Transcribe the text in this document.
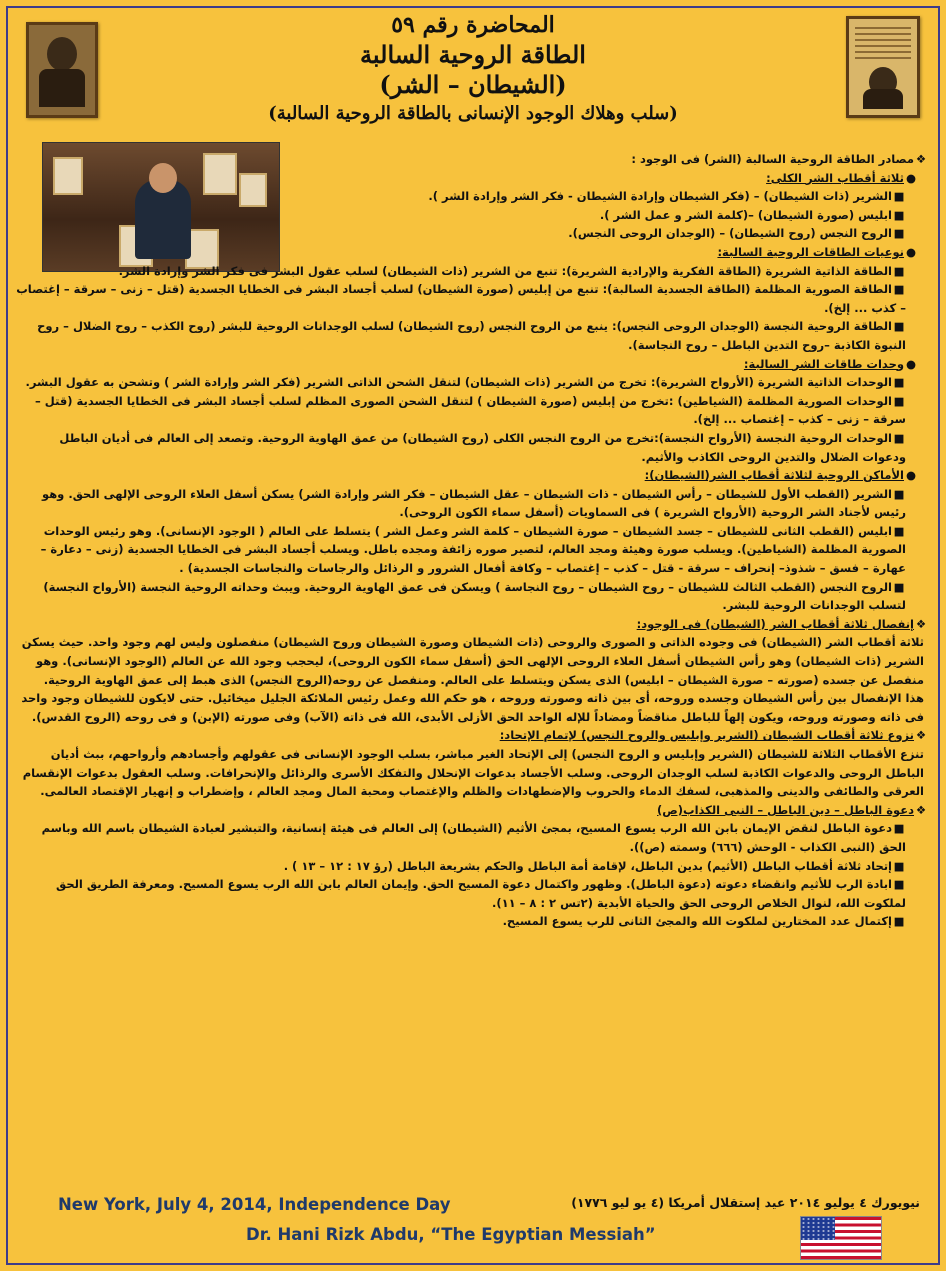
المحاضرة رقم ٥٩
الطاقة الروحية السالبة
(الشيطان – الشر)
(سلب وهلاك الوجود الإنسانى بالطاقة الروحية السالبة)

❖مصادر الطاقة الروحية السالبة (الشر) فى الوجود :

●ثلاثة أقطاب الشر الكلى:

■الشرير (ذات الشيطان) – (فكر الشيطان وإرادة الشيطان - فكر الشر وإرادة الشر ).

■ابليس (صورة الشيطان) –(كلمة الشر و عمل الشر ).

■الروح النجس (روح الشيطان) – (الوجدان الروحى النجس).

●نوعيات الطاقات الروحية السالبة:

■الطاقة الذاتية الشريرة (الطاقة الفكرية والإرادية الشريرة): تنبع من الشرير (ذات الشيطان) لسلب عقول البشر فى فكر الشر وإرادة الشر.

■الطاقة الصورية المظلمة (الطاقة الجسدية السالبة): تنبع من إبليس (صورة الشيطان) لسلب أجساد البشر فى الخطايا الجسدية (قتل – زنى – سرقة – إغتصاب – كذب ... إلخ).

■الطاقة الروحية النجسة (الوجدان الروحى النجس): ينبع من الروح النجس (روح الشيطان) لسلب الوجدانات الروحية للبشر (روح الكذب – روح الضلال – روح النبوة الكاذبة –روح التدين الباطل – روح النجاسة).

●وحدات طاقات الشر السالبة:

■الوحدات الذاتية الشريرة (الأرواح الشريرة): تخرج من الشرير (ذات الشيطان) لتنقل الشحن الذاتى الشرير (فكر الشر وإرادة الشر ) وتشحن به عقول البشر.

■الوحدات الصورية المظلمة (الشياطين) :تخرج من إبليس (صورة الشيطان ) لتنقل الشحن الصورى المظلم لسلب أجساد البشر فى الخطايا الجسدية (قتل – سرقة – زنى – كذب – إغتصاب ... إلخ).

■الوحدات الروحية النجسة (الأرواح النجسة):تخرج من الروح النجس الكلى (روح الشيطان) من عمق الهاوية الروحية. وتصعد إلى العالم فى أديان الباطل ودعوات الضلال والتدين الروحى الكاذب والأثيم.

●الأماكن الروحية لثلاثة أقطاب الشر(الشيطان):

■الشرير (القطب الأول للشيطان – رأس الشيطان - ذات الشيطان – عقل الشيطان – فكر الشر وإرادة الشر) يسكن أسفل العلاء الروحى الإلهى الحق. وهو رئيس لأجناد الشر الروحية (الأرواح الشريرة ) فى السماويات (أسفل سماء الكون الروحى).

■ابليس (القطب الثانى للشيطان – جسد الشيطان – صورة الشيطان – كلمة الشر وعمل الشر ) يتسلط على العالم ( الوجود الإنسانى). وهو رئيس الوحدات الصورية المظلمة (الشياطين). ويسلب صورة وهيئة ومجد العالم، لتصير صوره زائفة ومجده باطل. ويسلب أجساد البشر فى الخطايا الجسدية (زنى – دعارة – عهارة – فسق – شذوذ– إنحراف – سرقة - قتل – كذب – إغتصاب – وكافة أفعال الشرور و الرذائل والرجاسات والنجاسات الجسدية) .

■الروح النجس (القطب الثالث للشيطان – روح الشيطان – روح النجاسة ) ويسكن فى عمق الهاوية الروحية. ويبث وحداته الروحية النجسة (الأرواح النجسة) لتسلب الوجدانات الروحية للبشر.

❖إنفصال ثلاثة أقطاب الشر (الشيطان) فى الوجود:

ثلاثة أقطاب الشر (الشيطان) فى وجوده الذاتى و الصورى والروحى (ذات الشيطان وصورة الشيطان وروح الشيطان) منفصلون وليس لهم وجود واحد. حيث يسكن الشرير (ذات الشيطان) وهو رأس الشيطان أسفل العلاء الروحى الإلهى الحق (أسفل سماء الكون الروحى)، ليحجب وجود الله عن العالم (الوجود الإنسانى). وهو منفصل عن جسده (صورته – صورة الشيطان – ابليس) الذى يسكن ويتسلط على العالم. ومنفصل عن روحه(الروح النجس) الذى هبط إلى عمق الهاوية الروحية.

هذا الإنفصال بين رأس الشيطان وجسده وروحه، أى بين ذاته وصورته وروحه ، هو حكم الله وعمل رئيس الملائكة الجليل ميخائيل. حتى لايكون للشيطان وجود واحد فى ذاته وصورته وروحه، ويكون إلهاً للباطل مناقضاً ومضاداً للإله الواحد الحق الأزلى الأبدى، الله فى ذاته (الآب) وفى صورته (الإبن) و فى روحه (الروح القدس).

❖نزوع ثلاثة أقطاب الشيطان (الشرير وإبليس والروح النجس) لإتمام الإتحاد:

تنزع الأقطاب الثلاثة للشيطان (الشرير وإبليس و الروح النجس) إلى الإتحاد الغير مباشر، بسلب الوجود الإنسانى فى عقولهم وأجسادهم وأرواحهم، ببث أديان الباطل الروحى والدعوات الكاذبة لسلب الوجدان الروحى. وسلب الأجساد بدعوات الإنحلال والتفكك الأسرى والرذائل والإنحرافات. وسلب العقول بدعوات الإنقسام العرقى والطائفى والدينى والمذهبى، لسفك الدماء والحروب والإضطهادات والظلم والإغتصاب ومحبة المال ومجد العالم ، وإضطراب و إنهيار الإقتصاد العالمى.

❖دعوة الباطل – دين الباطل – النبى الكذاب(ص)

■دعوة الباطل لنقض الإيمان بابن الله الرب يسوع المسيح، بمجئ الأثيم (الشيطان) إلى العالم فى هيئة إنسانية، والتبشير لعبادة الشيطان باسم الله وباسم الحق (النبى الكذاب - الوحش (٦٦٦) وسمته (ص)).

■إتحاد ثلاثة أقطاب الباطل (الأثيم) بدين الباطل، لإقامة أمة الباطل والحكم بشريعة الباطل (رؤ ١٧ : ١٢ – ١٣ ) .

■ابادة الرب للأثيم وانقضاء دعوته (دعوة الباطل). وظهور واكتمال دعوة المسيح الحق. وإيمان العالم بابن الله الرب يسوع المسيح. ومعرفة الطريق الحق لملكوت الله، لنوال الخلاص الروحى الحق والحياة الأبدية (٢تس ٢ : ٨ – ١١).

■إكتمال عدد المختارين لملكوت الله والمجئ الثانى للرب يسوع المسيح.

New York, July 4, 2014, Independence Day
Dr. Hani Rizk Abdu, “The Egyptian Messiah”
نيويورك ٤ يوليو ٢٠١٤ عيد إستقلال أمريكا (٤ يو ليو ١٧٧٦)
